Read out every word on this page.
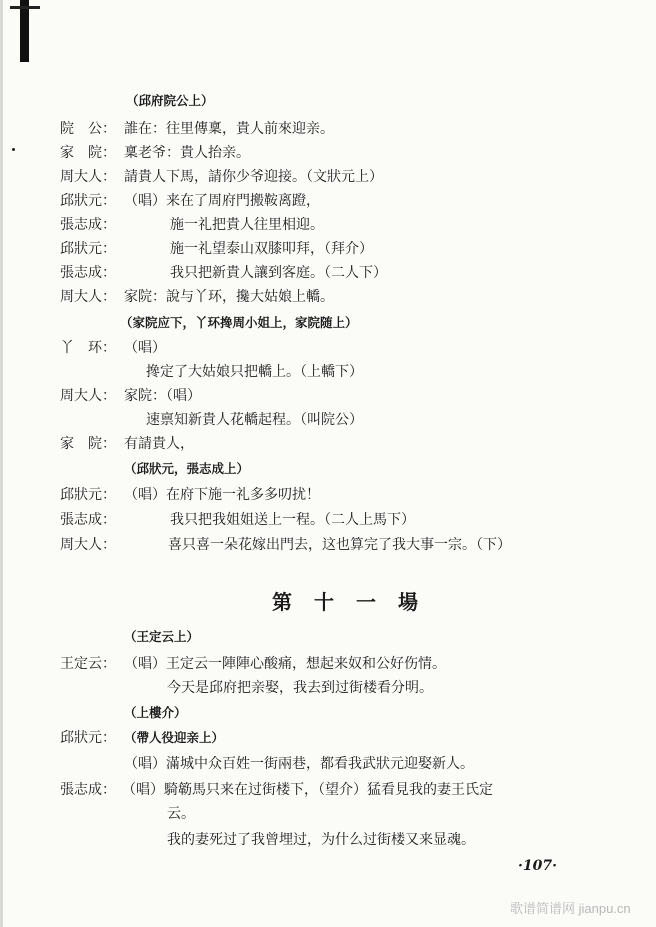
（邱府院公上）
院　公： 誰在：往里傳稟，貴人前來迎亲。
家　院： 稟老爷：貴人抬亲。
周大人： 請貴人下馬，請你少爷迎接。（文狀元上）
邱狀元： （唱）来在了周府門搬鞍离蹬，
張志成：	施一礼把貴人往里相迎。
邱狀元：	施一礼望泰山双膝叩拜，（拜介）
張志成：	我只把新貴人讓到客庭。（二人下）
周大人： 家院：說与丫环，攙大姑娘上轎。
（家院应下，丫环搀周小姐上，家院随上）
丫　环： （唱）
搀定了大姑娘只把轎上。（上轎下）
周大人： 家院：（唱）
速禀知新貴人花轎起程。（叫院公）
家　院： 有請貴人，
（邱狀元，張志成上）
邱狀元： （唱）在府下施一礼多多叨扰！
張志成：	我只把我姐姐送上一程。（二人上馬下）
周大人：	喜只喜一朵花嫁出門去，这也算完了我大事一宗。（下）
第十一場
（王定云上）
王定云： （唱）王定云一陣陣心酸痛，想起来奴和公好伤情。
今天是邱府把亲娶，我去到过街楼看分明。
（上樓介）
邱狀元： （帶人役迎亲上）
（唱）滿城中众百姓一街兩巷，都看我武狀元迎娶新人。
張志成： （唱）騎簕馬只来在过街楼下，（望介）猛看見我的妻王氏定
云。
我的妻死过了我曾埋过，为什么过街楼又来显魂。
·107·
歌谱简谱网 jianpu.cn
